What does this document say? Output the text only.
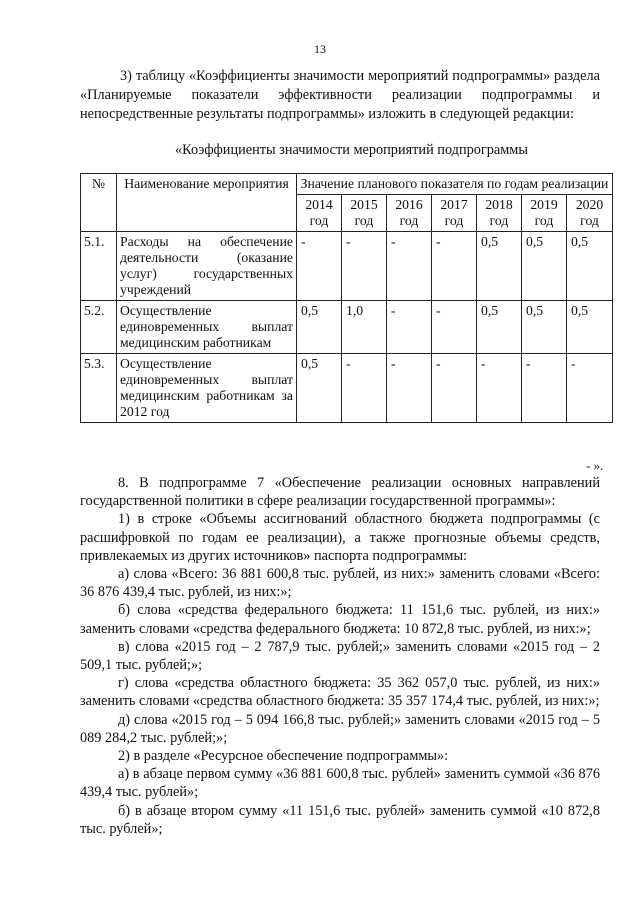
13

3) таблицу «Коэффициенты значимости мероприятий подпрограммы» раздела «Планируемые показатели эффективности реализации подпрограммы и непосредственные результаты подпрограммы» изложить в следующей редакции:

«Коэффициенты значимости мероприятий подпрограммы
№	Наименование мероприятия	Значение планового показателя по годам реализации						
		2014 год	2015 год	2016 год	2017 год	2018 год	2019 год	2020 год
5.1.	Расходы на обеспечение деятельности (оказание услуг) государственных учреждений	-	-	-	-	0,5	0,5	0,5
5.2.	Осуществление единовременных выплат медицинским работникам	0,5	1,0	-	-	0,5	0,5	0,5
5.3.	Осуществление единовременных выплат медицинским работникам за 2012 год	0,5	-	-	-	-	-	-
- ».

8. В подпрограмме 7 «Обеспечение реализации основных направлений государственной политики в сфере реализации государственной программы»:

1) в строке «Объемы ассигнований областного бюджета подпрограммы (с расшифровкой по годам ее реализации), а также прогнозные объемы средств, привлекаемых из других источников» паспорта подпрограммы:

а) слова «Всего: 36 881 600,8 тыс. рублей, из них:» заменить словами «Всего: 36 876 439,4 тыс. рублей, из них:»;

б) слова «средства федерального бюджета: 11 151,6 тыс. рублей, из них:» заменить словами «средства федерального бюджета: 10 872,8 тыс. рублей, из них:»;

в) слова «2015 год – 2 787,9 тыс. рублей;» заменить словами «2015 год – 2 509,1 тыс. рублей;»;

г) слова «средства областного бюджета: 35 362 057,0 тыс. рублей, из них:» заменить словами «средства областного бюджета: 35 357 174,4 тыс. рублей, из них:»;

д) слова «2015 год – 5 094 166,8 тыс. рублей;» заменить словами «2015 год – 5 089 284,2 тыс. рублей;»;

2) в разделе «Ресурсное обеспечение подпрограммы»:

а) в абзаце первом сумму «36 881 600,8 тыс. рублей» заменить суммой «36 876 439,4 тыс. рублей»;

б) в абзаце втором сумму «11 151,6 тыс. рублей» заменить суммой «10 872,8 тыс. рублей»;
